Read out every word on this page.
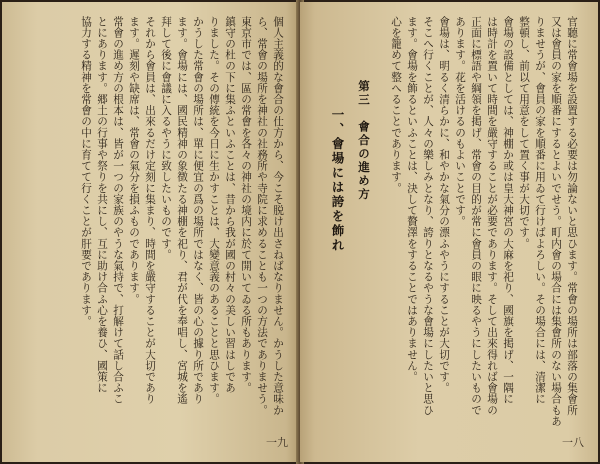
個人主義的な會合の仕方から、今こそ脱け出さねばなりません。かうした意味か

ら、常會の場所を神社の社務所や寺院に求めることも一つの方法でありませう。

東京市では、區の常會を各々の神社の境内に於て開いてゐる所もあります。

鎮守の杜の下に集ふといふことは、昔から我が國の村々の美しい習はしであ

りました。その傳統を今日に生かすことは、大變意義のあることと思ひます。

かうした常會の場所は、單に便宜の爲の場所ではなく、皆の心の據り所であり

ます。會場には、國民精神の象徴たる神棚を祀り、君が代を奉唱し、宮城を遙

拜して後に會議に入るやうに致したいものです。

それから會員は、出來るだけ定刻に集まり、時間を嚴守することが大切であり

ます。遲刻や缺席は、常會の氣分を損ふものであります。

常會の進め方の根本は、皆が一つの家族のやうな氣持で、打解けて話し合ふこ

とにあります。郷土の行事や祭りを共にし、互に助け合ふ心を養ひ、國策に

協力する精神を常會の中に育てて行くことが肝要であります。

一九
第三　會合の進め方
一、會場には誇を飾れ	官聽に常會場を設置する必要は勿論ないと思ひます。常會の場所は部落の集會所

又は會員の家を順番にするとよいでせう。町内會の場合には集會所のない場合もあ

りませうが、會員の家を順番に用ゐて行けばよろしい。その場合には、清潔に

整頓し、前以て用意をして置く事が大切です。

會場の設備としては、神棚か或は皇大神宮の大麻を祀り、國旗を掲げ、一隅に

は時計を置いて時間を嚴守することが必要であります。そして出來得れば會場の

正面に標語や綱領を掲げ、常會の目的が常に會員の眼に映るやうにしたいもので

あります。花を活けるのもよいことです。

會場は、明るく清らかに、和やかな氣分の漂ふやうにすることが大切です。

そこへ行くことが、人々の樂しみとなり、誇りとなるやうな會場にしたいと思ひ

ます。會場を飾るといふことは、決して贅澤をすることではありません。

心を籠めて整へることであります。

一八
